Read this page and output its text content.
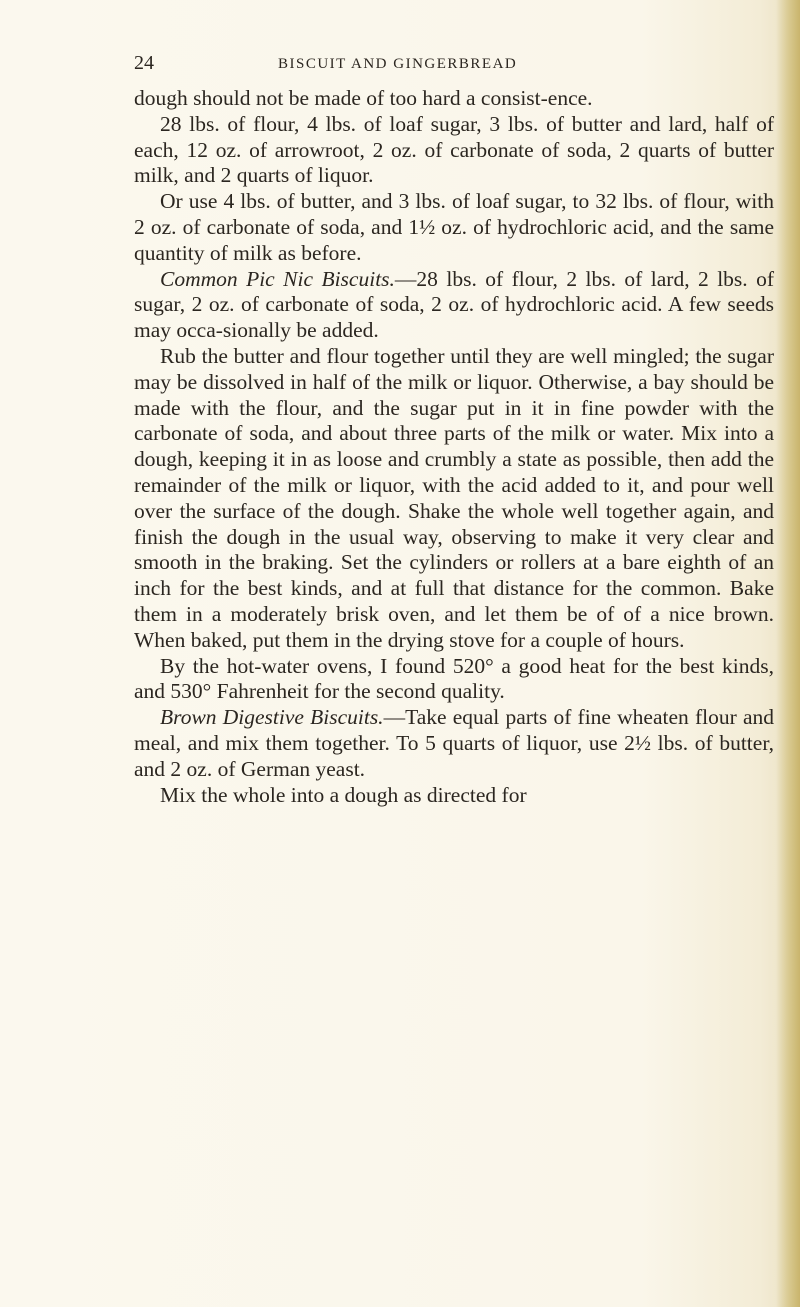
24	BISCUIT AND GINGERBREAD

dough should not be made of too hard a consist-ence.

28 lbs. of flour, 4 lbs. of loaf sugar, 3 lbs. of butter and lard, half of each, 12 oz. of arrowroot, 2 oz. of carbonate of soda, 2 quarts of butter milk, and 2 quarts of liquor.

Or use 4 lbs. of butter, and 3 lbs. of loaf sugar, to 32 lbs. of flour, with 2 oz. of carbonate of soda, and 1½ oz. of hydrochloric acid, and the same quantity of milk as before.

Common Pic Nic Biscuits.—28 lbs. of flour, 2 lbs. of lard, 2 lbs. of sugar, 2 oz. of carbonate of soda, 2 oz. of hydrochloric acid. A few seeds may occa-sionally be added.

Rub the butter and flour together until they are well mingled; the sugar may be dissolved in half of the milk or liquor. Otherwise, a bay should be made with the flour, and the sugar put in it in fine powder with the carbonate of soda, and about three parts of the milk or water. Mix into a dough, keeping it in as loose and crumbly a state as possible, then add the remainder of the milk or liquor, with the acid added to it, and pour well over the surface of the dough. Shake the whole well together again, and finish the dough in the usual way, observing to make it very clear and smooth in the braking. Set the cylinders or rollers at a bare eighth of an inch for the best kinds, and at full that distance for the common. Bake them in a moderately brisk oven, and let them be of of a nice brown. When baked, put them in the drying stove for a couple of hours.

By the hot-water ovens, I found 520° a good heat for the best kinds, and 530° Fahrenheit for the second quality.

Brown Digestive Biscuits.—Take equal parts of fine wheaten flour and meal, and mix them together. To 5 quarts of liquor, use 2½ lbs. of butter, and 2 oz. of German yeast.

Mix the whole into a dough as directed for
